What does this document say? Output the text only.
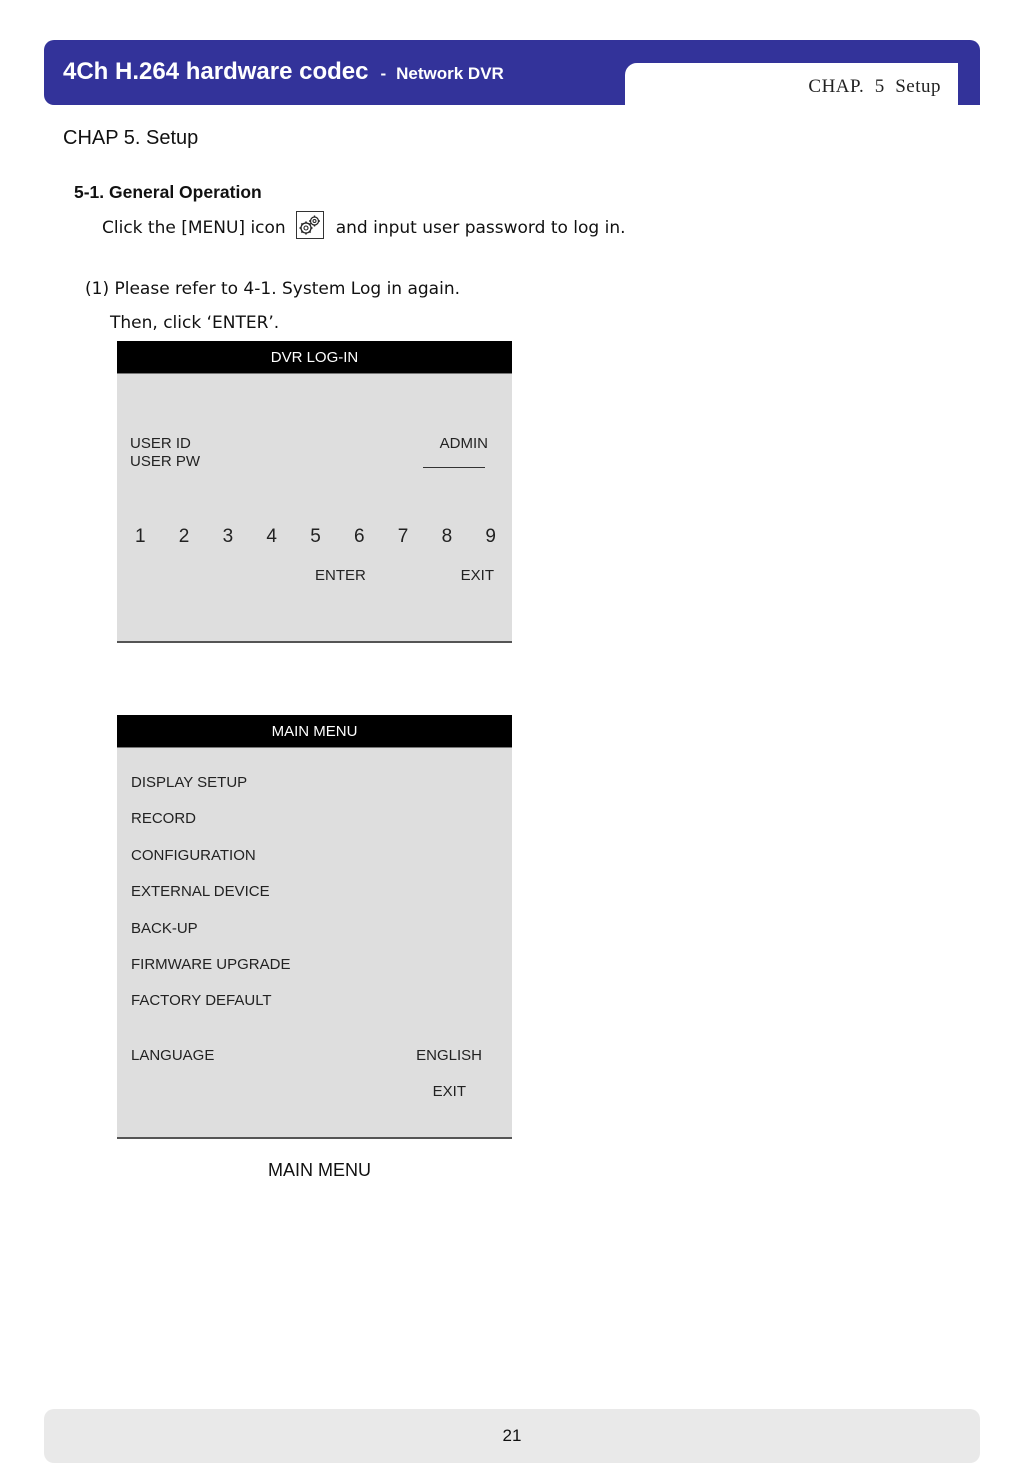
4Ch H.264 hardware codec - Network DVR
CHAP.  5  Setup
CHAP 5. Setup
5-1. General Operation
Click the [MENU] icon	and input user password to log in.
(1) Please refer to 4-1. System Log in again.
Then, click ‘ENTER’.
DVR LOG-IN
USER ID	ADMIN
USER PW
1 2 3 4 5 6 7 8 9
ENTER	EXIT
MAIN MENU
DISPLAY SETUP
RECORD
CONFIGURATION
EXTERNAL DEVICE
BACK-UP
FIRMWARE UPGRADE
FACTORY DEFAULT
LANGUAGE	ENGLISH
EXIT
MAIN MENU
21
